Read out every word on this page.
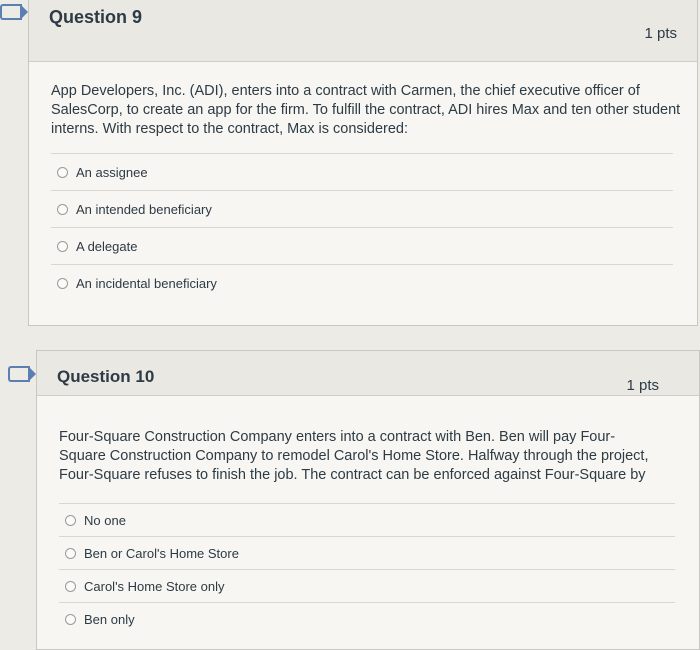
Question 9
1 pts
App Developers, Inc. (ADI), enters into a contract with Carmen, the chief executive officer of SalesCorp, to create an app for the firm. To fulfill the contract, ADI hires Max and ten other student interns. With respect to the contract, Max is considered:
An assignee
An intended beneficiary
A delegate
An incidental beneficiary
Question 10	1 pts
Four-Square Construction Company enters into a contract with Ben. Ben will pay Four-Square Construction Company to remodel Carol's Home Store. Halfway through the project, Four-Square refuses to finish the job. The contract can be enforced against Four-Square by
No one
Ben or Carol's Home Store
Carol's Home Store only
Ben only
